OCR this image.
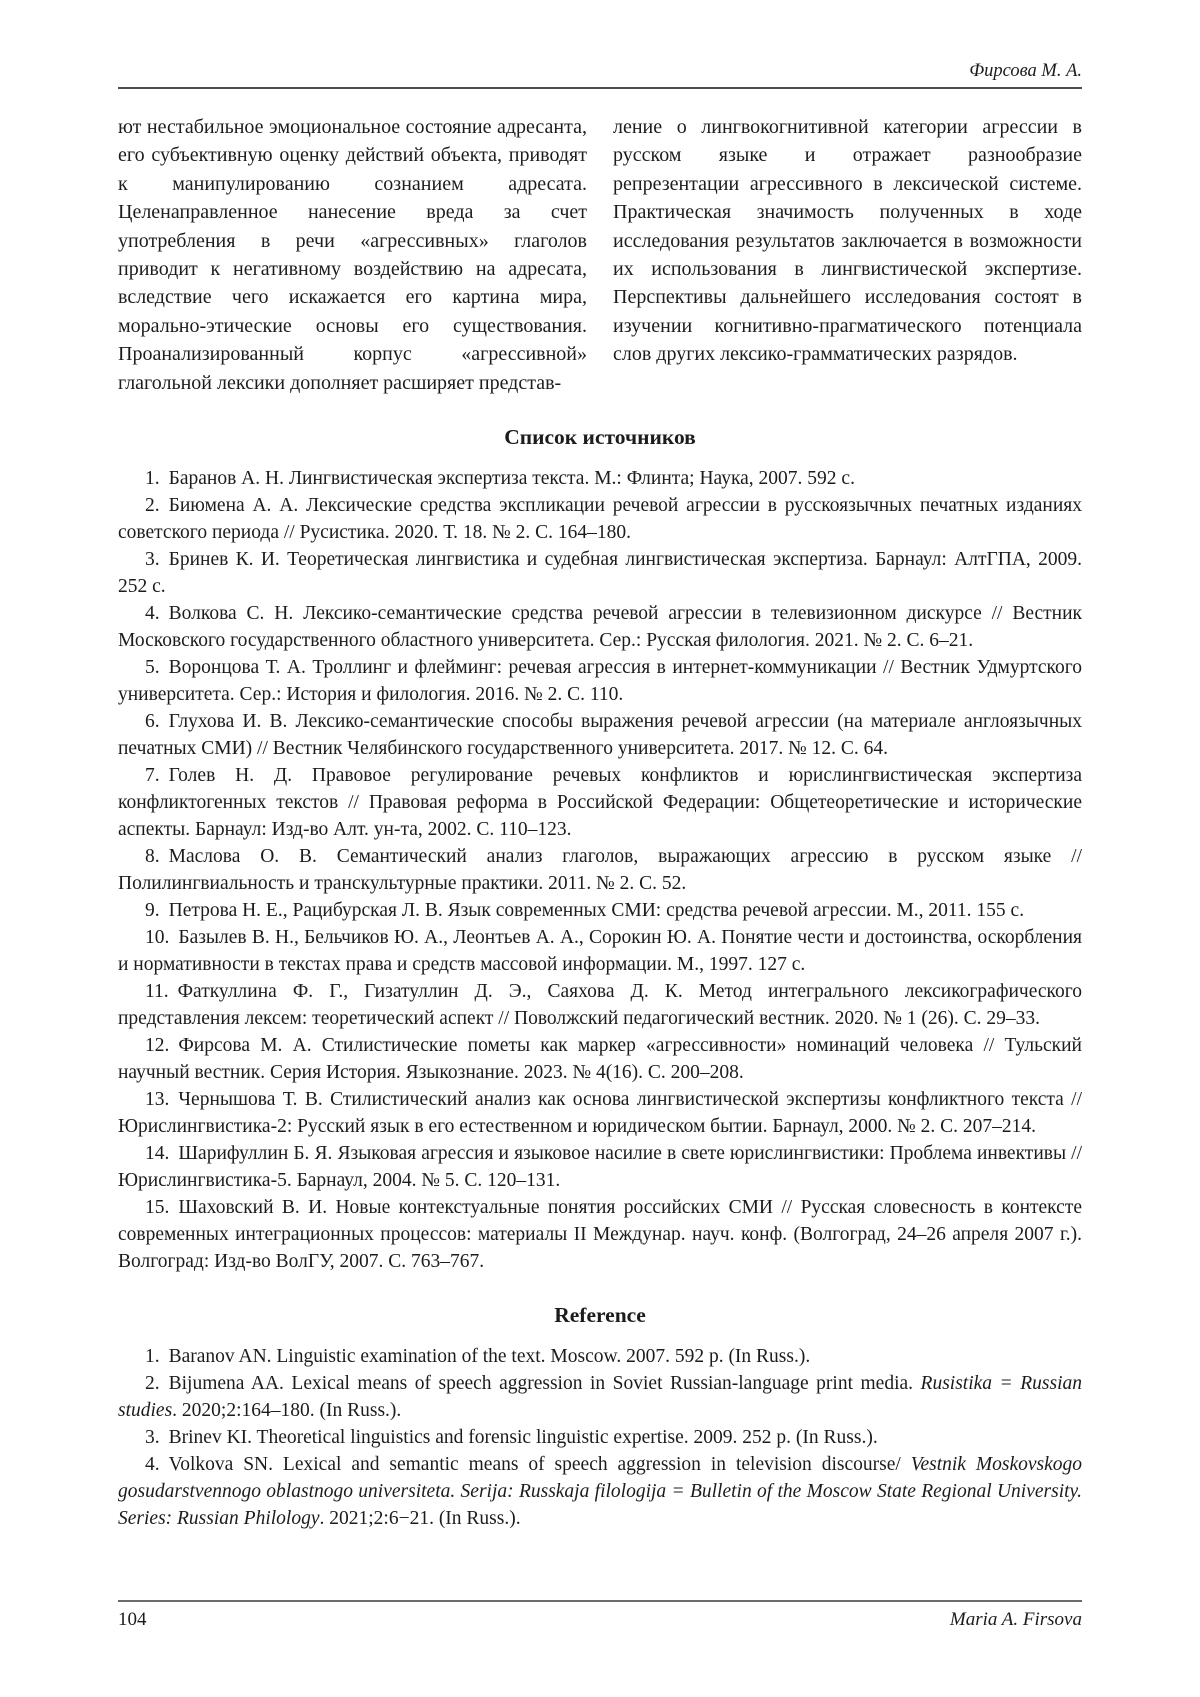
Фирсова М. А.

ют нестабильное эмоциональное состояние адресанта, его субъективную оценку действий объекта, приводят к манипулированию сознанием адресата. Целенаправленное нанесение вреда за счет употребления в речи «агрессивных» глаголов приводит к негативному воздействию на адресата, вследствие чего искажается его картина мира, морально-этические основы его существования. Проанализированный корпус «агрессивной» глагольной лексики дополняет расширяет представ-

ление о лингвокогнитивной категории агрессии в русском языке и отражает разнообразие репрезентации агрессивного в лексической системе. Практическая значимость полученных в ходе исследования результатов заключается в возможности их использования в лингвистической экспертизе. Перспективы дальнейшего исследования состоят в изучении когнитивно-прагматического потенциала слов других лексико-грамматических разрядов.

Список источников

1. Баранов А. Н. Лингвистическая экспертиза текста. М.: Флинта; Наука, 2007. 592 с.

2. Биюмена А. А. Лексические средства экспликации речевой агрессии в русскоязычных печатных изданиях советского периода // Русистика. 2020. Т. 18. № 2. С. 164–180.

3. Бринев К. И. Теоретическая лингвистика и судебная лингвистическая экспертиза. Барнаул: АлтГПА, 2009. 252 с.

4. Волкова С. Н. Лексико-семантические средства речевой агрессии в телевизионном дискурсе // Вестник Московского государственного областного университета. Сер.: Русская филология. 2021. № 2. С. 6–21.

5. Воронцова Т. А. Троллинг и флейминг: речевая агрессия в интернет-коммуникации // Вестник Удмуртского университета. Сер.: История и филология. 2016. № 2. С. 110.

6. Глухова И. В. Лексико-семантические способы выражения речевой агрессии (на материале англоязычных печатных СМИ) // Вестник Челябинского государственного университета. 2017. № 12. С. 64.

7. Голев Н. Д. Правовое регулирование речевых конфликтов и юрислингвистическая экспертиза конфликтогенных текстов // Правовая реформа в Российской Федерации: Общетеоретические и исторические аспекты. Барнаул: Изд-во Алт. ун-та, 2002. С. 110–123.

8. Маслова О. В. Семантический анализ глаголов, выражающих агрессию в русском языке // Полилингвиальность и транскультурные практики. 2011. № 2. С. 52.

9. Петрова Н. Е., Рацибурская Л. В. Язык современных СМИ: средства речевой агрессии. М., 2011. 155 с.

10. Базылев В. Н., Бельчиков Ю. А., Леонтьев А. А., Сорокин Ю. А. Понятие чести и достоинства, оскорбления и нормативности в текстах права и средств массовой информации. М., 1997. 127 с.

11. Фаткуллина Ф. Г., Гизатуллин Д. Э., Саяхова Д. К. Метод интегрального лексикографического представления лексем: теоретический аспект // Поволжский педагогический вестник. 2020. № 1 (26). С. 29–33.

12. Фирсова М. А. Стилистические пометы как маркер «агрессивности» номинаций человека // Тульский научный вестник. Серия История. Языкознание. 2023. № 4(16). С. 200–208.

13. Чернышова Т. В. Стилистический анализ как основа лингвистической экспертизы конфликтного текста // Юрислингвистика-2: Русский язык в его естественном и юридическом бытии. Барнаул, 2000. № 2. С. 207–214.

14. Шарифуллин Б. Я. Языковая агрессия и языковое насилие в свете юрислингвистики: Проблема инвективы // Юрислингвистика-5. Барнаул, 2004. № 5. С. 120–131.

15. Шаховский В. И. Новые контекстуальные понятия российских СМИ // Русская словесность в контексте современных интеграционных процессов: материалы II Междунар. науч. конф. (Волгоград, 24–26 апреля 2007 г.). Волгоград: Изд-во ВолГУ, 2007. С. 763–767.

Reference

1. Baranov AN. Linguistic examination of the text. Moscow. 2007. 592 p. (In Russ.).

2. Bijumena AA. Lexical means of speech aggression in Soviet Russian-language print media. Rusistika = Russian studies. 2020;2:164–180. (In Russ.).

3. Brinev KI. Theoretical linguistics and forensic linguistic expertise. 2009. 252 p. (In Russ.).

4. Volkova SN. Lexical and semantic means of speech aggression in television discourse/ Vestnik Moskovskogo gosudarstvennogo oblastnogo universiteta. Serija: Russkaja filologija = Bulletin of the Moscow State Regional University. Series: Russian Philology. 2021;2:6−21. (In Russ.).

104	Maria A. Firsova
